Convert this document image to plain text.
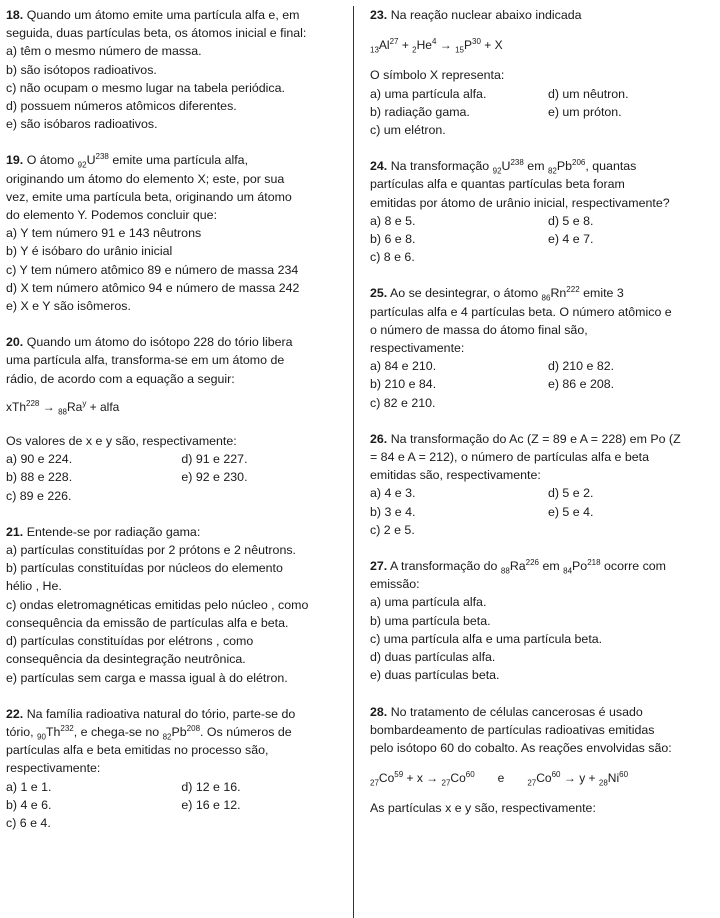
18. Quando um átomo emite uma partícula alfa e, em
seguida, duas partículas beta, os átomos inicial e final:
a) têm o mesmo número de massa.
b) são isótopos radioativos.
c) não ocupam o mesmo lugar na tabela periódica.
d) possuem números atômicos diferentes.
e) são isóbaros radioativos.
19. O átomo $_{92}U^{238}$ emite uma partícula alfa,
originando um átomo do elemento X; este, por sua
vez, emite uma partícula beta, originando um átomo
do elemento Y. Podemos concluir que:
a) Y tem número 91 e 143 nêutrons
b) Y é isóbaro do urânio inicial
c) Y tem número atômico 89 e número de massa 234
d) X tem número atômico 94 e número de massa 242
e) X e Y são isômeros.
20. Quando um átomo do isótopo 228 do tório libera
uma partícula alfa, transforma-se em um átomo de
rádio, de acordo com a equação a seguir:
$xTh^{228} \to _{88}Ra^y$ + alfa
Os valores de x e y são, respectivamente:
a) 90 e 224.	d) 91 e 227.
b) 88 e 228.	e) 92 e 230.
c) 89 e 226.
21. Entende-se por radiação gama:
a) partículas constituídas por 2 prótons e 2 nêutrons.
b) partículas constituídas por núcleos do elemento
hélio , He.
c) ondas eletromagnéticas emitidas pelo núcleo , como
consequência da emissão de partículas alfa e beta.
d) partículas constituídas por elétrons , como
consequência da desintegração neutrônica.
e) partículas sem carga e massa igual à do elétron.
22. Na família radioativa natural do tório, parte-se do
tório, $_{90}Th^{232}$, e chega-se no $_{82}Pb^{208}$. Os números de
partículas alfa e beta emitidas no processo são,
respectivamente:
a) 1 e 1.	d) 12 e 16.
b) 4 e 6.	e) 16 e 12.
c) 6 e 4.
23. Na reação nuclear abaixo indicada
$_{13}Al^{27} + _2He^4 \to _{15}P^{30} + X$
O símbolo X representa:
a) uma partícula alfa.	d) um nêutron.
b) radiação gama.	e) um próton.
c) um elétron.
24. Na transformação $_{92}U^{238}$ em $_{82}Pb^{206}$, quantas
partículas alfa e quantas partículas beta foram
emitidas por átomo de urânio inicial, respectivamente?
a) 8 e 5.	d) 5 e 8.
b) 6 e 8.	e) 4 e 7.
c) 8 e 6.
25. Ao se desintegrar, o átomo $_{86}Rn^{222}$ emite 3
partículas alfa e 4 partículas beta. O número atômico e
o número de massa do átomo final são,
respectivamente:
a) 84 e 210.	d) 210 e 82.
b) 210 e 84.	e) 86 e 208.
c) 82 e 210.
26. Na transformação do Ac (Z = 89 e A = 228) em Po (Z
= 84 e A = 212), o número de partículas alfa e beta
emitidas são, respectivamente:
a) 4 e 3.	d) 5 e 2.
b) 3 e 4.	e) 5 e 4.
c) 2 e 5.
27. A transformação do $_{88}Ra^{226}$ em $_{84}Po^{218}$ ocorre com
emissão:
a) uma partícula alfa.
b) uma partícula beta.
c) uma partícula alfa e uma partícula beta.
d) duas partículas alfa.
e) duas partículas beta.
28. No tratamento de células cancerosas é usado
bombardeamento de partículas radioativas emitidas
pelo isótopo 60 do cobalto. As reações envolvidas são:
$_{27}Co^{59} + x \to _{27}Co^{60}$ e	$_{27}Co^{60} \to y + _{28}Ni^{60}$
As partículas x e y são, respectivamente:
